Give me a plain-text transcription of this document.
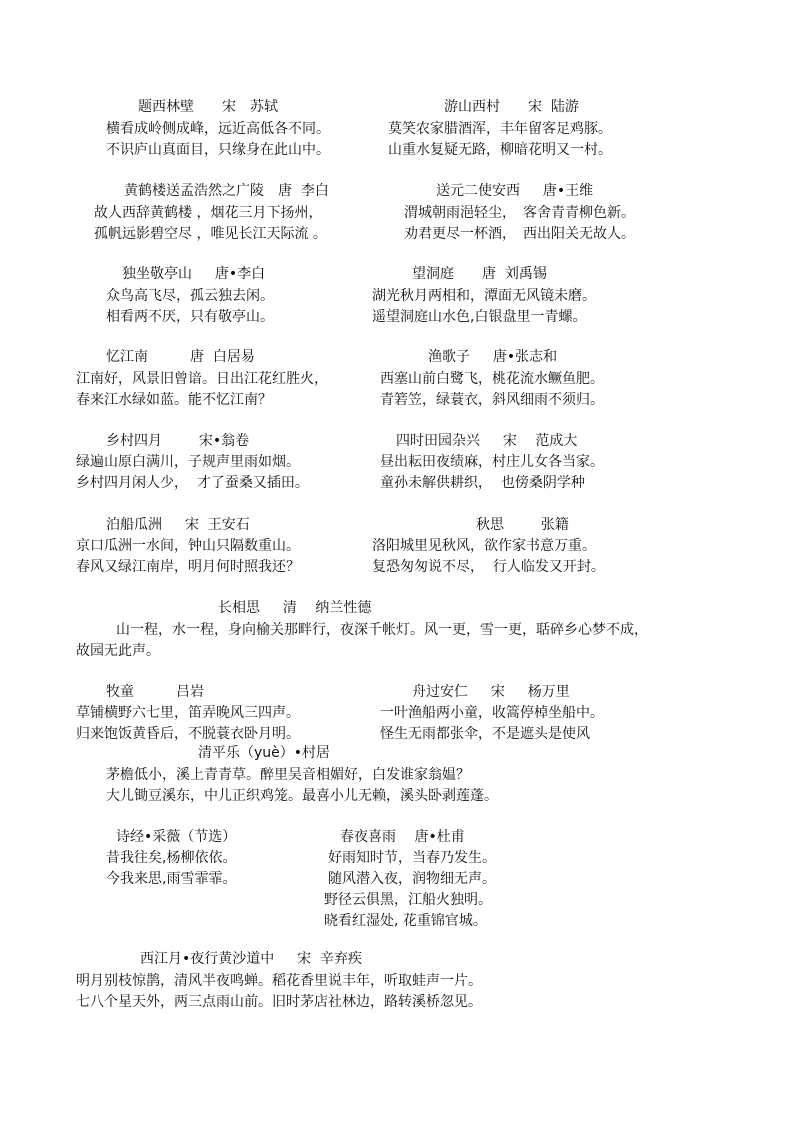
题西林壁　　宋　苏轼
横看成岭侧成峰，远近高低各不同。
不识庐山真面目，只缘身在此山中。
游山西村　　宋  陆游
莫笑农家腊酒浑，丰年留客足鸡豚。
山重水复疑无路，柳暗花明又一村。
黄鹤楼送孟浩然之广陵　唐  李白
故人西辞黄鹤楼 ，烟花三月下扬州，
孤帆远影碧空尽 ，唯见长江天际流 。
送元二使安西　  唐•王维
渭城朝雨浥轻尘，　客舍青青柳色新。
劝君更尽一杯酒，　西出阳关无故人。
独坐敬亭山　  唐•李白
众鸟高飞尽，孤云独去闲。
相看两不厌，只有敬亭山。
望洞庭　　唐  刘禹锡
湖光秋月两相和，潭面无风镜未磨。
遥望洞庭山水色,白银盘里一青螺。
忆江南　　　唐  白居易
江南好，风景旧曾谙。日出江花红胜火，
春来江水绿如蓝。能不忆江南？
渔歌子　  唐•张志和
西塞山前白鹭飞，桃花流水鳜鱼肥。
青箬笠，绿蓑衣，斜风细雨不须归。
乡村四月　　  宋•翁卷
绿遍山原白满川，子规声里雨如烟。
乡村四月闲人少，  才了蚕桑又插田。
四时田园杂兴　  宋　 范成大
昼出耘田夜绩麻，村庄儿女各当家。
童孙未解供耕织，  也傍桑阴学种
泊船瓜洲　  宋  王安石
京口瓜洲一水间，钟山只隔数重山。
春风又绿江南岸，明月何时照我还？
秋思　　  张籍
洛阳城里见秋风，欲作家书意万重。
复恐匆匆说不尽，  行人临发又开封。
长相思　  清　 纳兰性德
山一程，水一程，身向榆关那畔行，夜深千帐灯。风一更，雪一更，聒碎乡心梦不成，
故园无此声。
牧童　　　吕岩
草铺横野六七里，笛弄晚风三四声。
归来饱饭黄昏后，不脱蓑衣卧月明。
舟过安仁　  宋　  杨万里
一叶渔船两小童，收篙停棹坐船中。
怪生无雨都张伞，不是遮头是使风
清平乐（yuè）•村居
茅檐低小，溪上青青草。醉里吴音相媚好，白发谁家翁媪？
大儿锄豆溪东，中儿正织鸡笼。最喜小儿无赖，溪头卧剥莲蓬。
诗经•采薇（节选）
昔我往矣,杨柳依依。
今我来思,雨雪霏霏。
春夜喜雨　 唐•杜甫
好雨知时节，当春乃发生。
随风潜入夜，润物细无声。
野径云俱黑，江船火独明。
晓看红湿处, 花重锦官城。
西江月•夜行黄沙道中　  宋  辛弃疾
明月别枝惊鹊，清风半夜鸣蝉。稻花香里说丰年，听取蛙声一片。
七八个星天外，两三点雨山前。旧时茅店社林边，路转溪桥忽见。
